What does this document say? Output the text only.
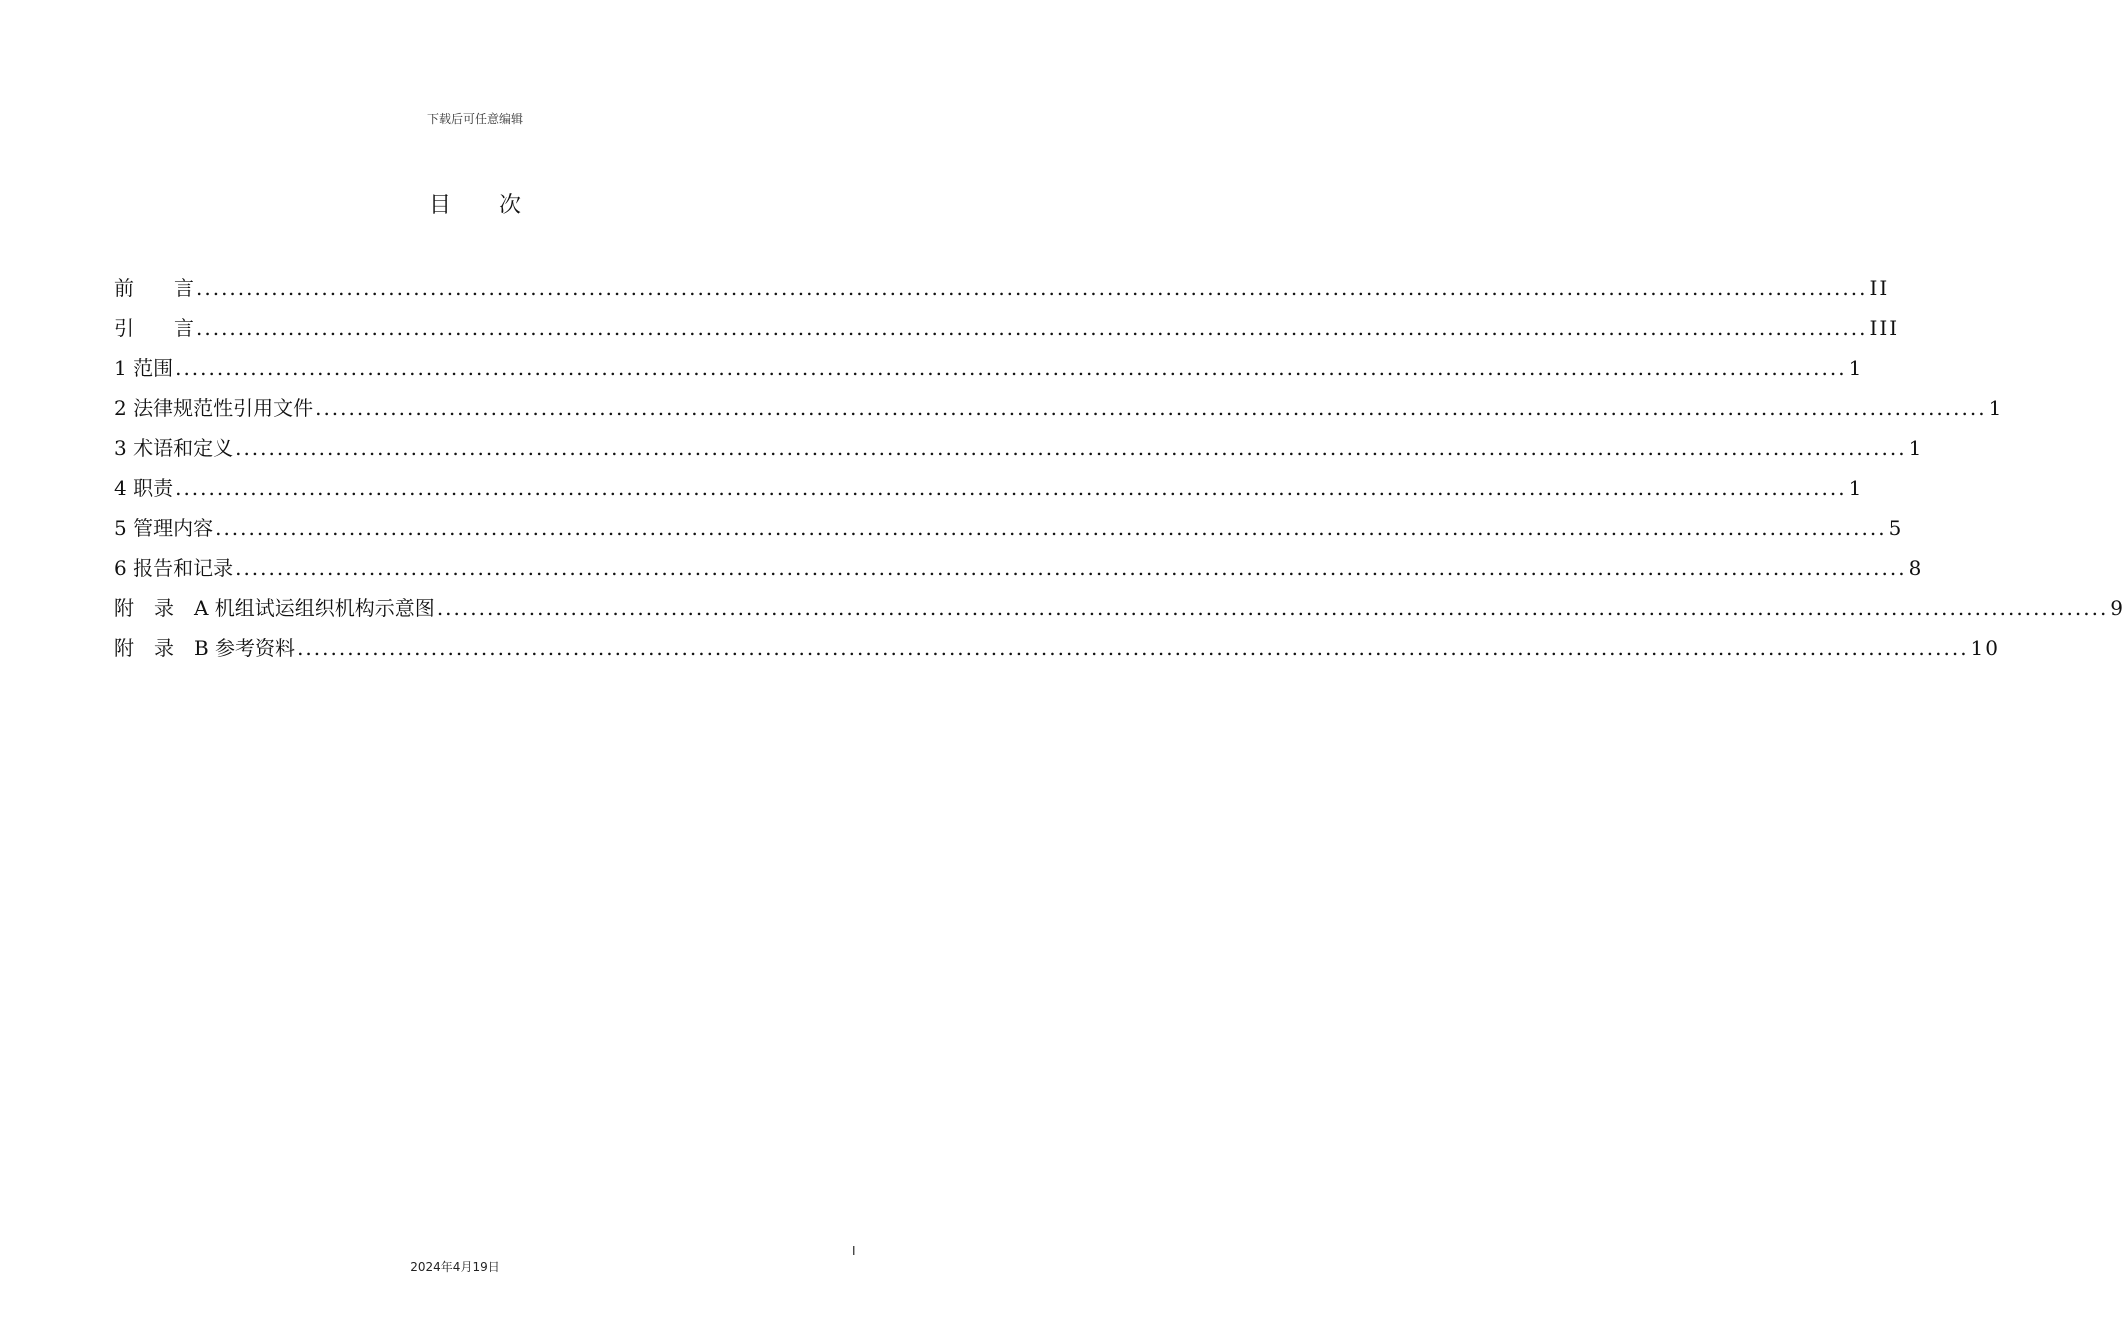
下载后可任意编辑
目 次
前　　言 ........................................................................................................................................................................................................ II
引　　言 ........................................................................................................................................................................................................ III
1 范围 ........................................................................................................................................................................................................ 1
2 法律规范性引用文件 ........................................................................................................................................................................................................ 1
3 术语和定义 ........................................................................................................................................................................................................ 1
4 职责 ........................................................................................................................................................................................................ 1
5 管理内容 ........................................................................................................................................................................................................ 5
6 报告和记录 ........................................................................................................................................................................................................ 8
附　录　A 机组试运组织机构示意图 ........................................................................................................................................................................................................ 9
附　录　B 参考资料 ........................................................................................................................................................................................................ 10
I
2024年4月19日
